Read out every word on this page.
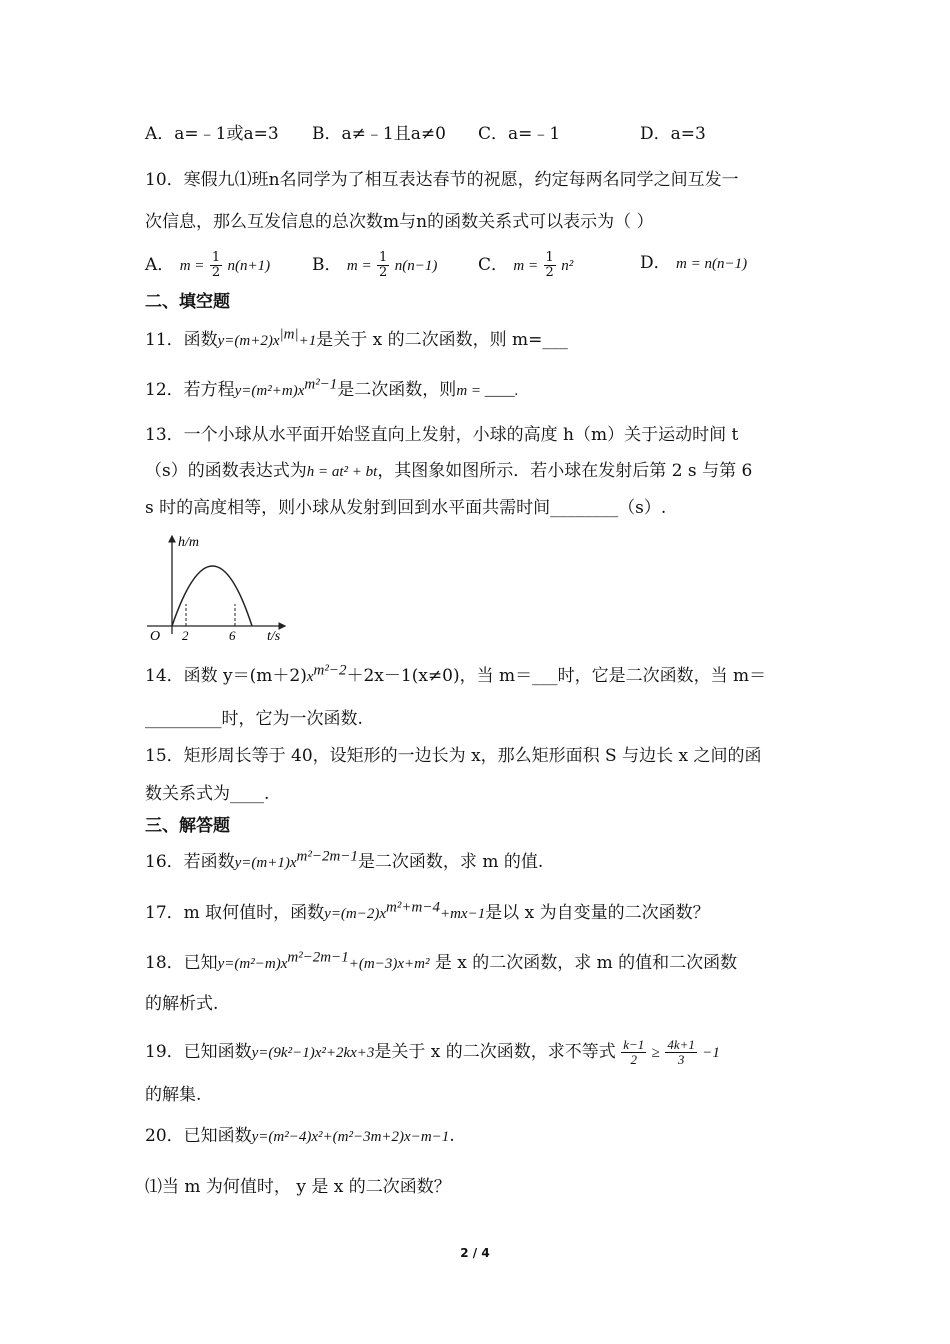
A．a=﹣1或a=3 B．a≠﹣1且a≠0 C．a=﹣1	D．a=3
10．寒假九⑴班n名同学为了相互表达春节的祝愿，约定每两名同学之间互发一
次信息，那么互发信息的总次数m与n的函数关系式可以表示为（ ）
A． $m = \frac{1}{2} n(n+1)$ B． $m = \frac{1}{2} n(n-1)$ C． $m = \frac{1}{2} n^2$	D． m = n(n−1)
二、填空题
11．函数$y=(m+2)x^{|m|}+1$是关于 x 的二次函数，则 m=___
12．若方程$y=(m^2+m)x^{m^2-1}$是二次函数，则m = ____.
13．一个小球从水平面开始竖直向上发射，小球的高度 h（m）关于运动时间 t
（s）的函数表达式为h = at² + bt，其图象如图所示．若小球在发射后第 2 s 与第 6
s 时的高度相等，则小球从发射到回到水平面共需时间________（s）.
h/m
O 2	6 t/s
14．函数 $y=(m+2)x^{m^2-2}+2x-1(x\ne 0)$，当 m＝___时，它是二次函数，当 m＝
_________时，它为一次函数.
15．矩形周长等于 40，设矩形的一边长为 x，那么矩形面积 S 与边长 x 之间的函
数关系式为____.
三、解答题
16．若函数$y=(m+1)x^{m^2-2m-1}$是二次函数，求 m 的值.
17．m 取何值时，函数$y=(m-2)x^{m^2+m-4}+mx-1$是以 x 为自变量的二次函数？
18．已知$y=(m^2-m)x^{m^2-2m-1}+(m-3)x+m^2$ 是 x 的二次函数，求 m 的值和二次函数
的解析式.
19．已知函数y=(9k²−1)x²+2kx+3是关于 x 的二次函数，求不等式 $\frac{k-1}{2} \ge \frac{4k+1}{3} -1$
的解集.
20．已知函数y=(m²−4)x²+(m²−3m+2)x−m−1.
⑴当 m 为何值时， y 是 x 的二次函数？
2 / 4
